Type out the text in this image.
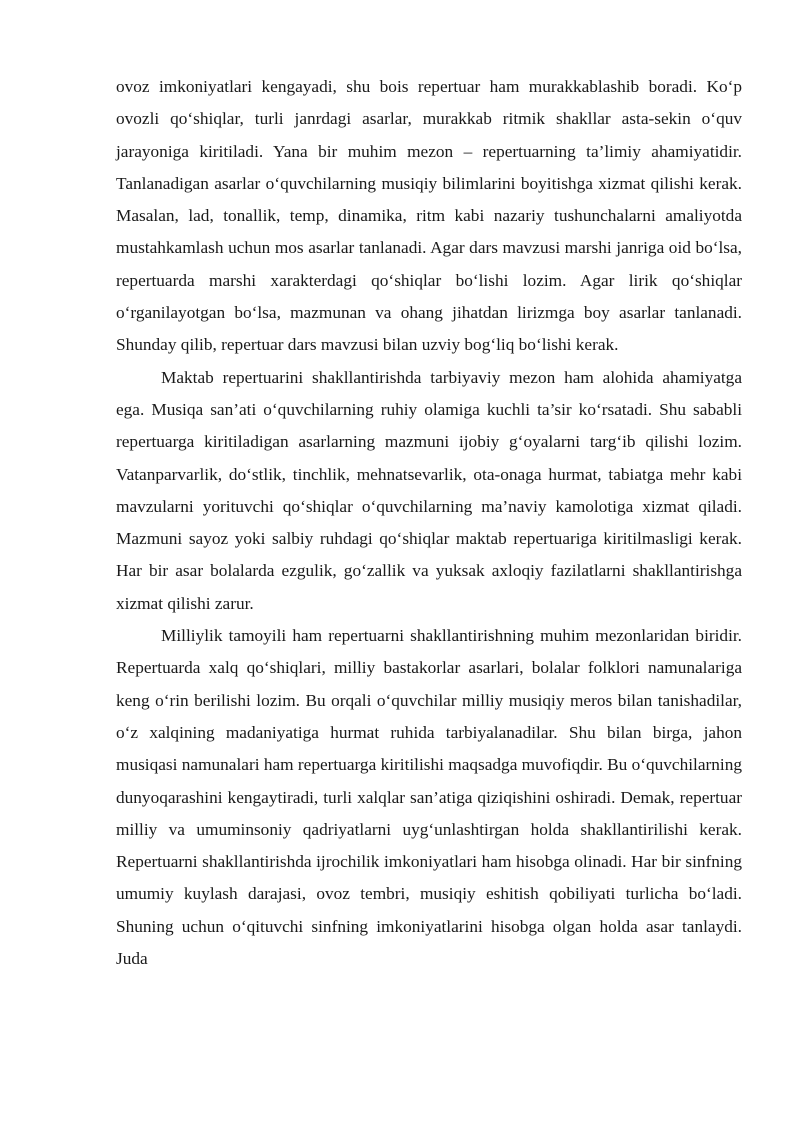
ovoz imkoniyatlari kengayadi, shu bois repertuar ham murakkablashib boradi. Ko‘p ovozli qo‘shiqlar, turli janrdagi asarlar, murakkab ritmik shakllar asta-sekin o‘quv jarayoniga kiritiladi. Yana bir muhim mezon – repertuarning ta’limiy ahamiyatidir. Tanlanadigan asarlar o‘quvchilarning musiqiy bilimlarini boyitishga xizmat qilishi kerak. Masalan, lad, tonallik, temp, dinamika, ritm kabi nazariy tushunchalarni amaliyotda mustahkamlash uchun mos asarlar tanlanadi. Agar dars mavzusi marshi janriga oid bo‘lsa, repertuarda marshi xarakterdagi qo‘shiqlar bo‘lishi lozim. Agar lirik qo‘shiqlar o‘rganilayotgan bo‘lsa, mazmunan va ohang jihatdan lirizmga boy asarlar tanlanadi. Shunday qilib, repertuar dars mavzusi bilan uzviy bog‘liq bo‘lishi kerak.

Maktab repertuarini shakllantirishda tarbiyaviy mezon ham alohida ahamiyatga ega. Musiqa san’ati o‘quvchilarning ruhiy olamiga kuchli ta’sir ko‘rsatadi. Shu sababli repertuarga kiritiladigan asarlarning mazmuni ijobiy g‘oyalarni targ‘ib qilishi lozim. Vatanparvarlik, do‘stlik, tinchlik, mehnatsevarlik, ota-onaga hurmat, tabiatga mehr kabi mavzularni yorituvchi qo‘shiqlar o‘quvchilarning ma’naviy kamolotiga xizmat qiladi. Mazmuni sayoz yoki salbiy ruhdagi qo‘shiqlar maktab repertuariga kiritilmasligi kerak. Har bir asar bolalarda ezgulik, go‘zallik va yuksak axloqiy fazilatlarni shakllantirishga xizmat qilishi zarur.

Milliylik tamoyili ham repertuarni shakllantirishning muhim mezonlaridan biridir. Repertuarda xalq qo‘shiqlari, milliy bastakorlar asarlari, bolalar folklori namunalariga keng o‘rin berilishi lozim. Bu orqali o‘quvchilar milliy musiqiy meros bilan tanishadilar, o‘z xalqining madaniyatiga hurmat ruhida tarbiyalanadilar. Shu bilan birga, jahon musiqasi namunalari ham repertuarga kiritilishi maqsadga muvofiqdir. Bu o‘quvchilarning dunyoqarashini kengaytiradi, turli xalqlar san’atiga qiziqishini oshiradi. Demak, repertuar milliy va umuminsoniy qadriyatlarni uyg‘unlashtirgan holda shakllantirilishi kerak. Repertuarni shakllantirishda ijrochilik imkoniyatlari ham hisobga olinadi. Har bir sinfning umumiy kuylash darajasi, ovoz tembri, musiqiy eshitish qobiliyati turlicha bo‘ladi. Shuning uchun o‘qituvchi sinfning imkoniyatlarini hisobga olgan holda asar tanlaydi. Juda
